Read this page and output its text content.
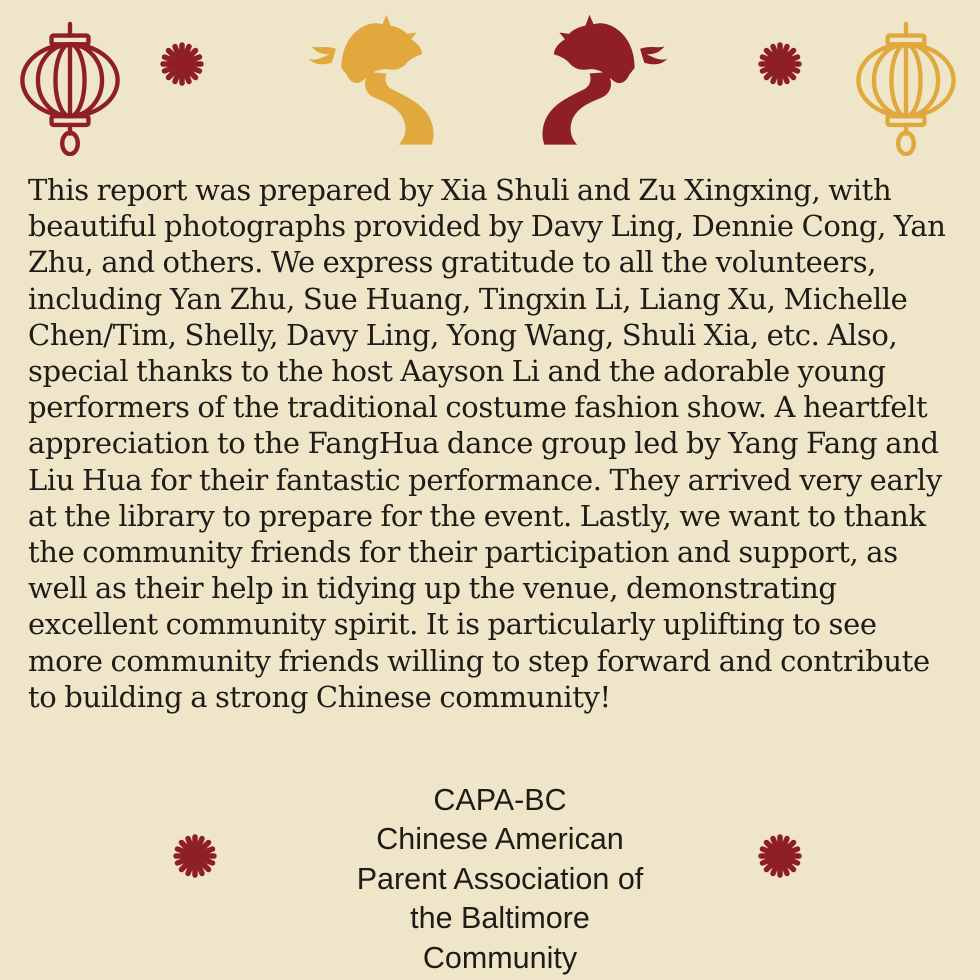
This report was prepared by Xia Shuli and Zu Xingxing, with beautiful photographs provided by Davy Ling, Dennie Cong, Yan Zhu, and others. We express gratitude to all the volunteers, including Yan Zhu, Sue Huang, Tingxin Li, Liang Xu, Michelle Chen/Tim, Shelly, Davy Ling, Yong Wang, Shuli Xia, etc. Also, special thanks to the host Aayson Li and the adorable young performers of the traditional costume fashion show. A heartfelt appreciation to the FangHua dance group led by Yang Fang and Liu Hua for their fantastic performance. They arrived very early at the library to prepare for the event. Lastly, we want to thank the community friends for their participation and support, as well as their help in tidying up the venue, demonstrating excellent community spirit. It is particularly uplifting to see more community friends willing to step forward and contribute to building a strong Chinese community!

CAPA-BC
Chinese American
Parent Association of
the Baltimore
Community
